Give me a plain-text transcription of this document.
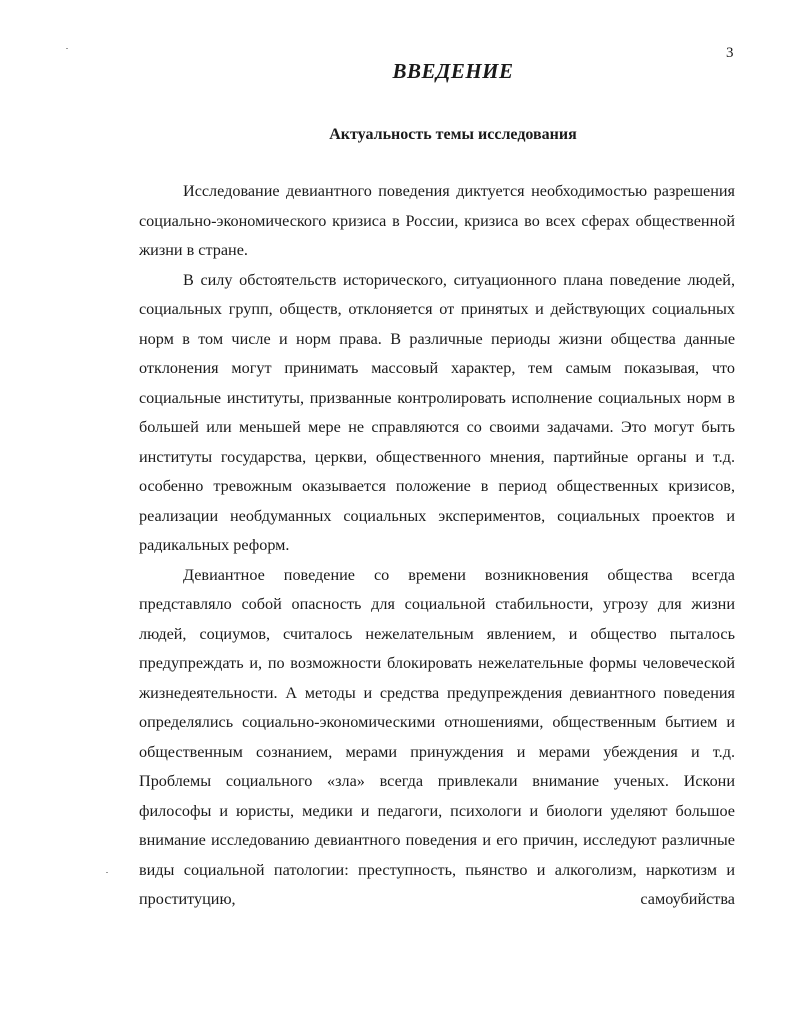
3
ВВЕДЕНИЕ
Актуальность темы исследования

Исследование девиантного поведения диктуется необходимостью разрешения социально-экономического кризиса в России, кризиса во всех сферах общественной жизни в стране.

В силу обстоятельств исторического, ситуационного плана поведение людей, социальных групп, обществ, отклоняется от принятых и действующих социальных норм в том числе и норм права. В различные периоды жизни общества данные отклонения могут принимать массовый характер, тем самым показывая, что социальные институты, призванные контролировать исполнение социальных норм в большей или меньшей мере не справляются со своими задачами. Это могут быть институты государства, церкви, общественного мнения, партийные органы и т.д. особенно тревожным оказывается положение в период общественных кризисов, реализации необдуманных социальных экспериментов, социальных проектов и радикальных реформ.

Девиантное поведение со времени возникновения общества всегда представляло собой опасность для социальной стабильности, угрозу для жизни людей, социумов, считалось нежелательным явлением, и общество пыталось предупреждать и, по возможности блокировать нежелательные формы человеческой жизнедеятельности. А методы и средства предупреждения девиантного поведения определялись социально-экономическими отношениями, общественным бытием и общественным сознанием, мерами принуждения и мерами убеждения и т.д. Проблемы социального «зла» всегда привлекали внимание ученых. Искони философы и юристы, медики и педагоги, психологи и биологи уделяют большое внимание исследованию девиантного поведения и его причин, исследуют различные виды социальной патологии: преступность, пьянство и алкоголизм, наркотизм и проституцию, самоубийства
